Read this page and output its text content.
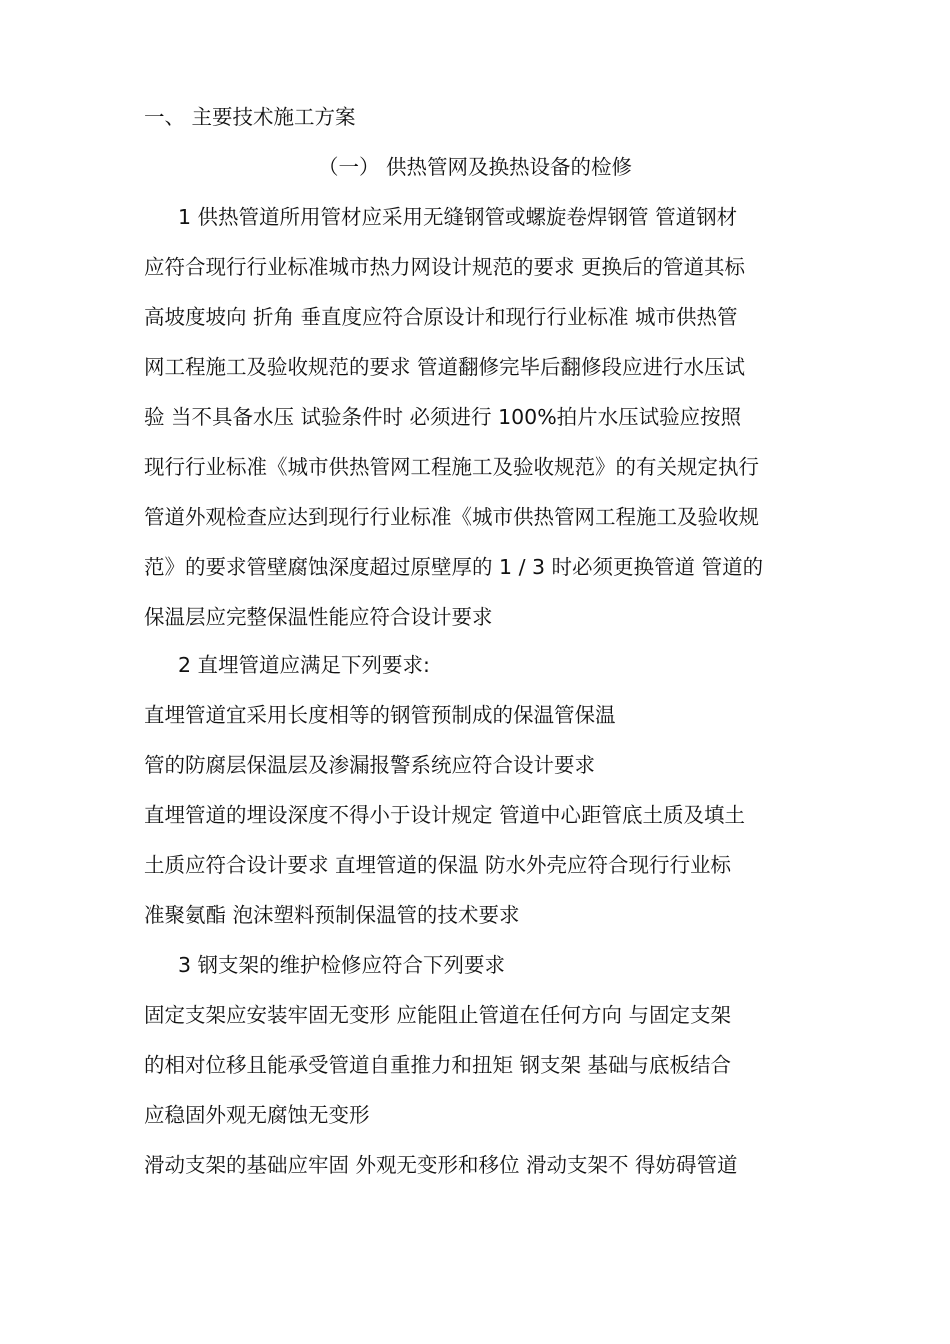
一、 主要技术施工方案
（一） 供热管网及换热设备的检修
1 供热管道所用管材应采用无缝钢管或螺旋卷焊钢管 管道钢材
应符合现行行业标准城市热力网设计规范的要求 更换后的管道其标
高坡度坡向 折角 垂直度应符合原设计和现行行业标准 城市供热管
网工程施工及验收规范的要求 管道翻修完毕后翻修段应进行水压试
验 当不具备水压 试验条件时 必须进行 100%拍片水压试验应按照
现行行业标准《城市供热管网工程施工及验收规范》的有关规定执行
管道外观检查应达到现行行业标准《城市供热管网工程施工及验收规
范》的要求管壁腐蚀深度超过原壁厚的 1 / 3 时必须更换管道 管道的
保温层应完整保温性能应符合设计要求
2 直埋管道应满足下列要求:
直埋管道宜采用长度相等的钢管预制成的保温管保温
管的防腐层保温层及渗漏报警系统应符合设计要求
直埋管道的埋设深度不得小于设计规定 管道中心距管底土质及填土
土质应符合设计要求 直埋管道的保温 防水外壳应符合现行行业标
准聚氨酯 泡沫塑料预制保温管的技术要求
3 钢支架的维护检修应符合下列要求
固定支架应安装牢固无变形 应能阻止管道在任何方向 与固定支架
的相对位移且能承受管道自重推力和扭矩 钢支架 基础与底板结合
应稳固外观无腐蚀无变形
滑动支架的基础应牢固 外观无变形和移位 滑动支架不 得妨碍管道
